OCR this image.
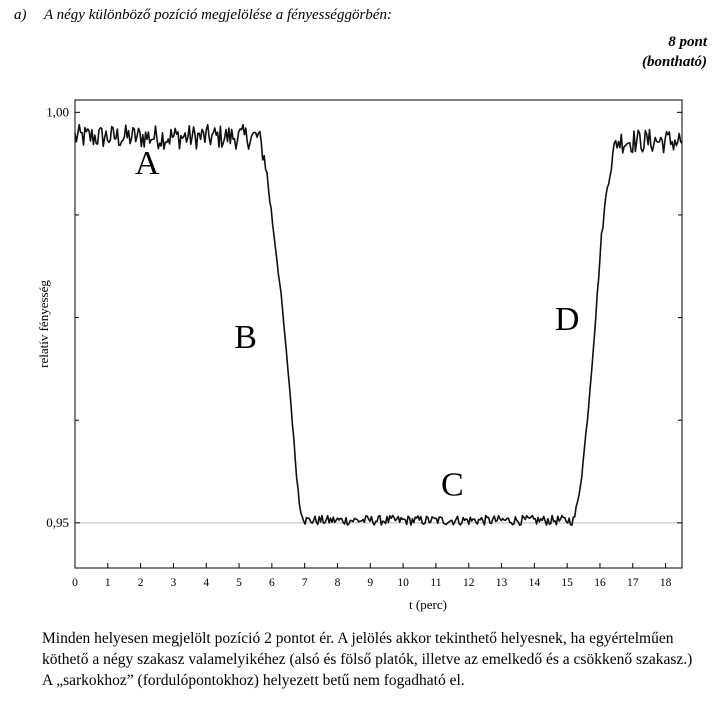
a) A négy különböző pozíció megjelölése a fényességgörbén:
8 pont
(bontható)
0 1 2 3 4 5 6 7 8 9 10 11 12 13 14 15 16 17 18
1,00
0,95
A
B
C
D
t (perc)
relatív fényesség
Minden helyesen megjelölt pozíció 2 pontot ér. A jelölés akkor tekinthető helyesnek, ha egyértelműen köthető a négy szakasz valamelyikéhez (alsó és fölső platók, illetve az emelkedő és a csökkenő szakasz.) A „sarkokhoz” (fordulópontokhoz) helyezett betű nem fogadható el.
